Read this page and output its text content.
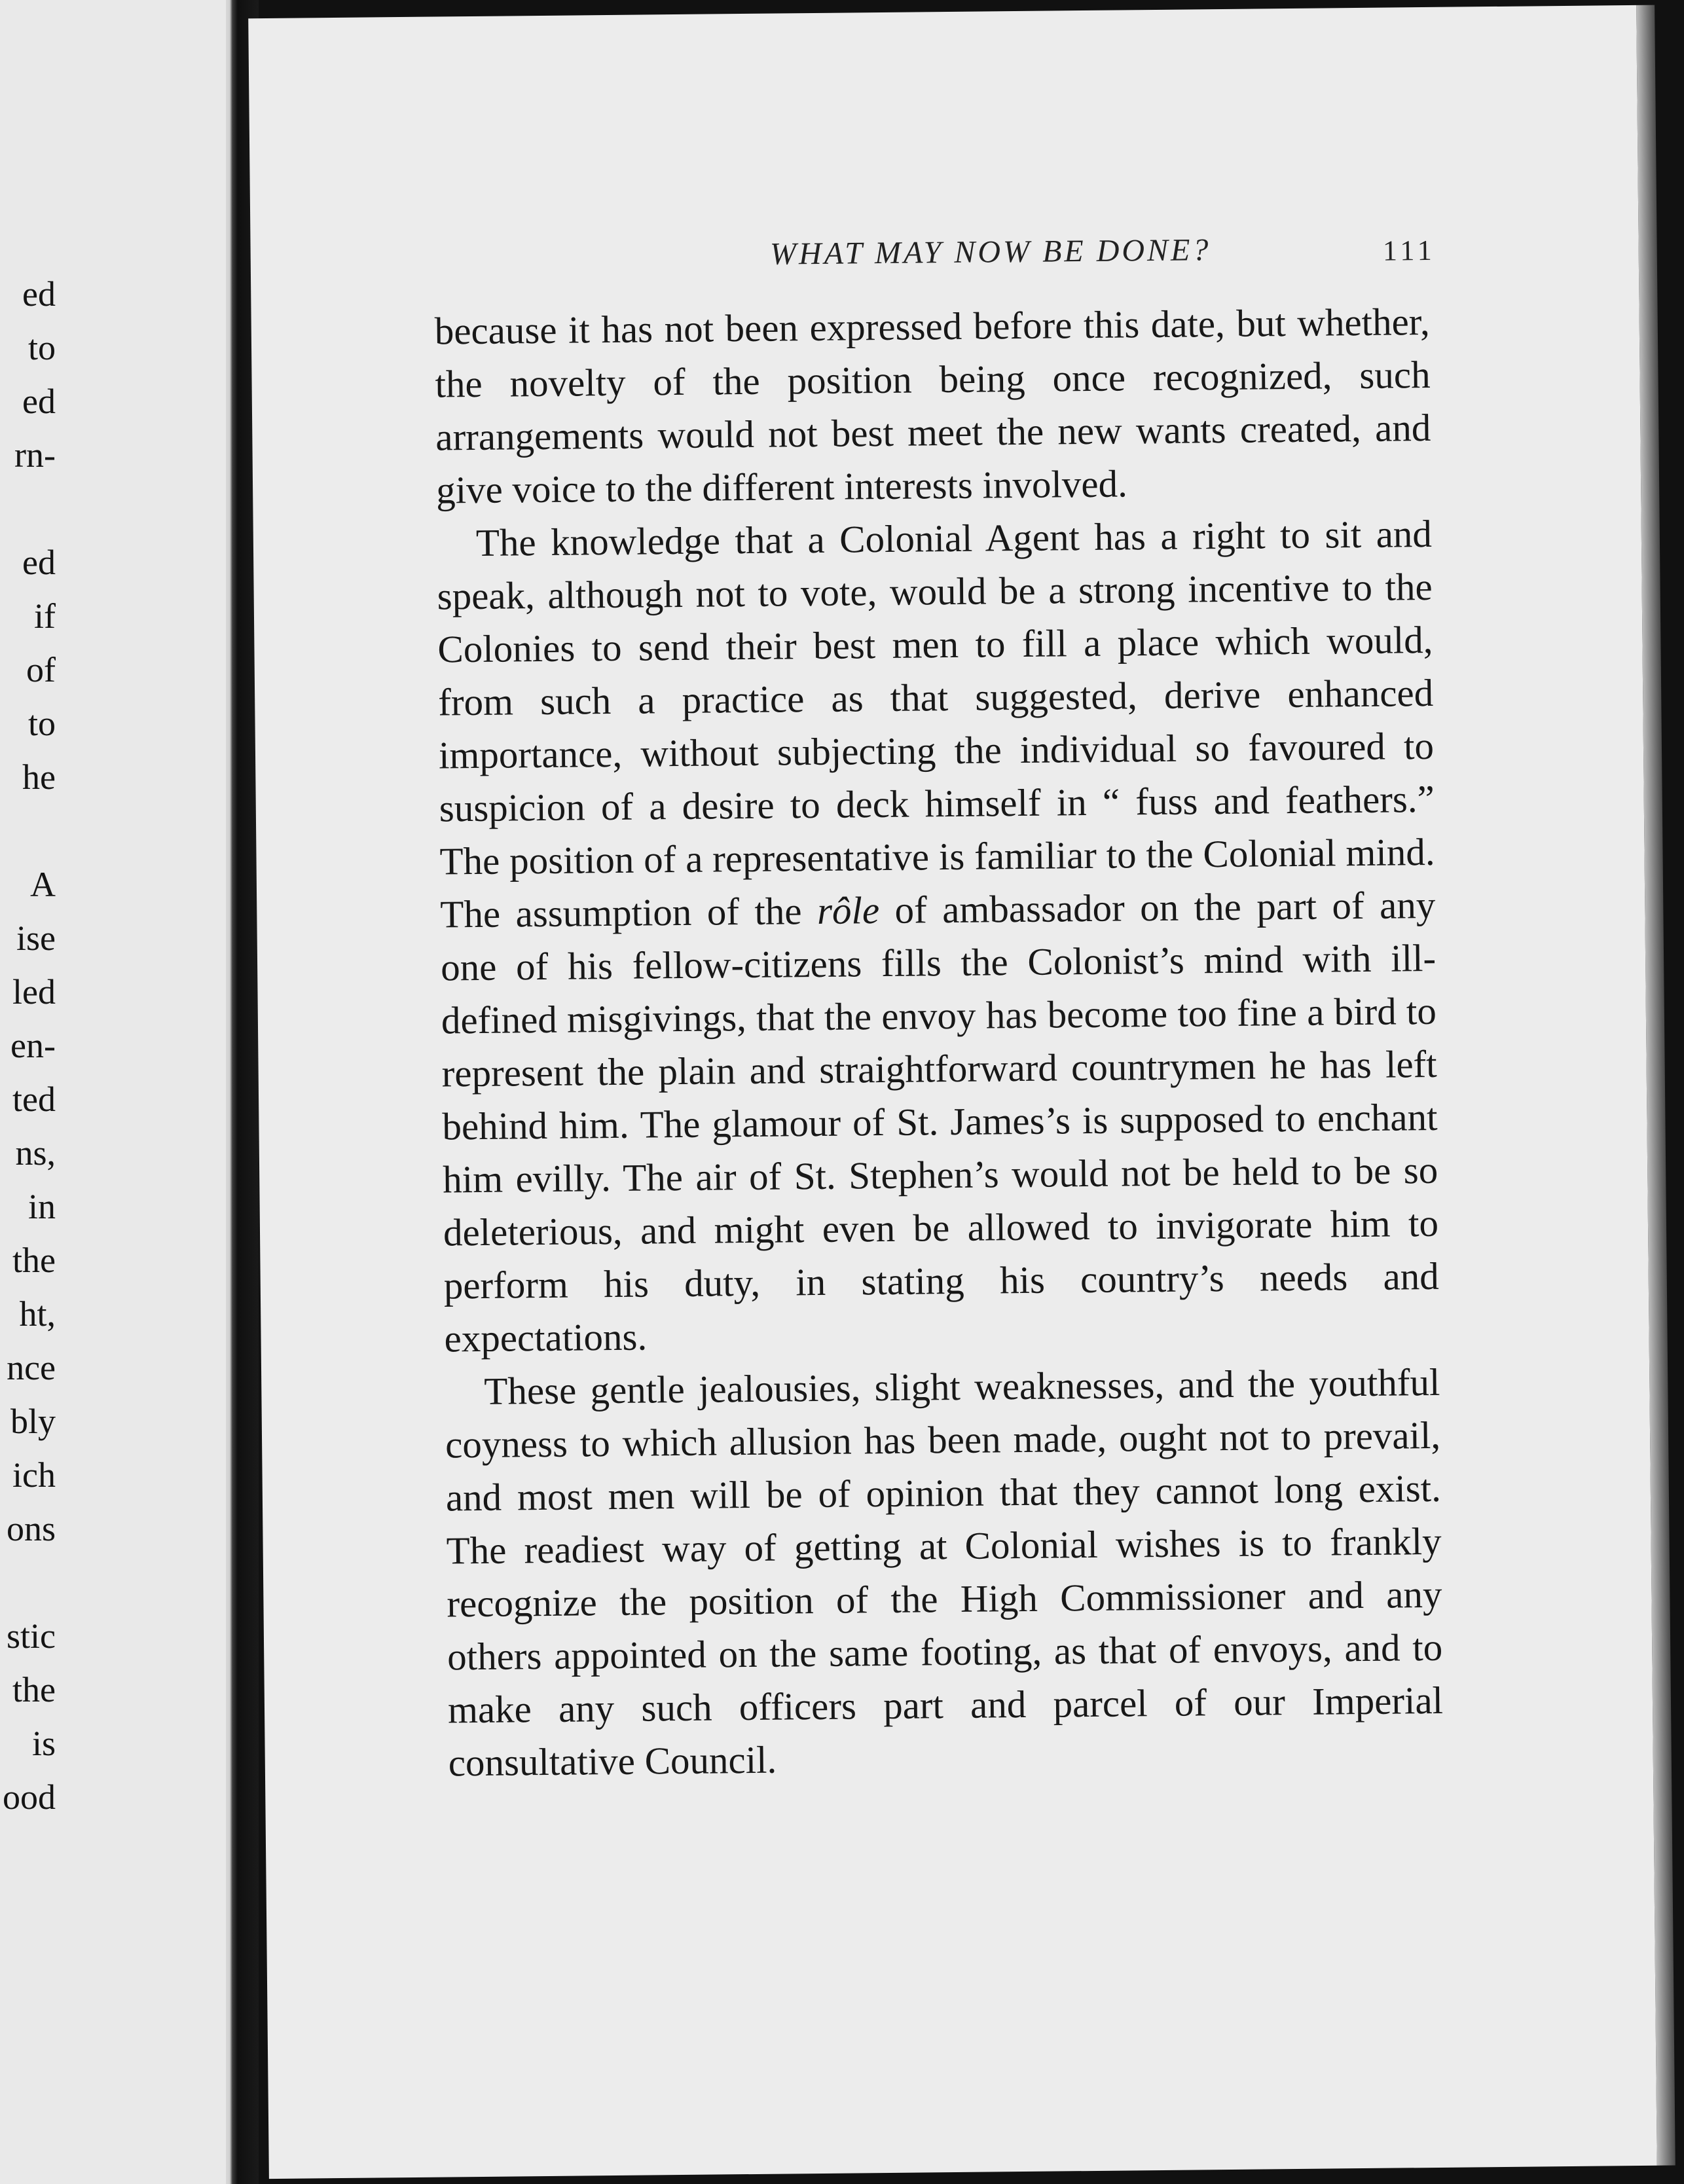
ed
to
ed
rn-
ed
if
of
to
he
A
ise
led
en-
ted
ns,
in
the
ht,
nce
bly
ich
ons
stic
the
is
ood
WHAT MAY NOW BE DONE?	111

because it has not been expressed before this date, but whether, the novelty of the position being once recognized, such arrangements would not best meet the new wants created, and give voice to the different interests involved.

The knowledge that a Colonial Agent has a right to sit and speak, although not to vote, would be a strong incentive to the Colonies to send their best men to fill a place which would, from such a practice as that suggested, derive enhanced importance, without subjecting the individual so favoured to suspicion of a desire to deck himself in “ fuss and feathers.” The position of a representative is familiar to the Colonial mind. The assumption of the rôle of ambassador on the part of any one of his fellow-citizens fills the Colonist’s mind with ill-defined misgivings, that the envoy has become too fine a bird to represent the plain and straightforward countrymen he has left behind him. The glamour of St. James’s is supposed to enchant him evilly. The air of St. Stephen’s would not be held to be so deleterious, and might even be allowed to invigorate him to perform his duty, in stating his country’s needs and expectations.

These gentle jealousies, slight weaknesses, and the youthful coyness to which allusion has been made, ought not to prevail, and most men will be of opinion that they cannot long exist. The readiest way of getting at Colonial wishes is to frankly recognize the position of the High Commissioner and any others appointed on the same footing, as that of envoys, and to make any such officers part and parcel of our Imperial consultative Council.
